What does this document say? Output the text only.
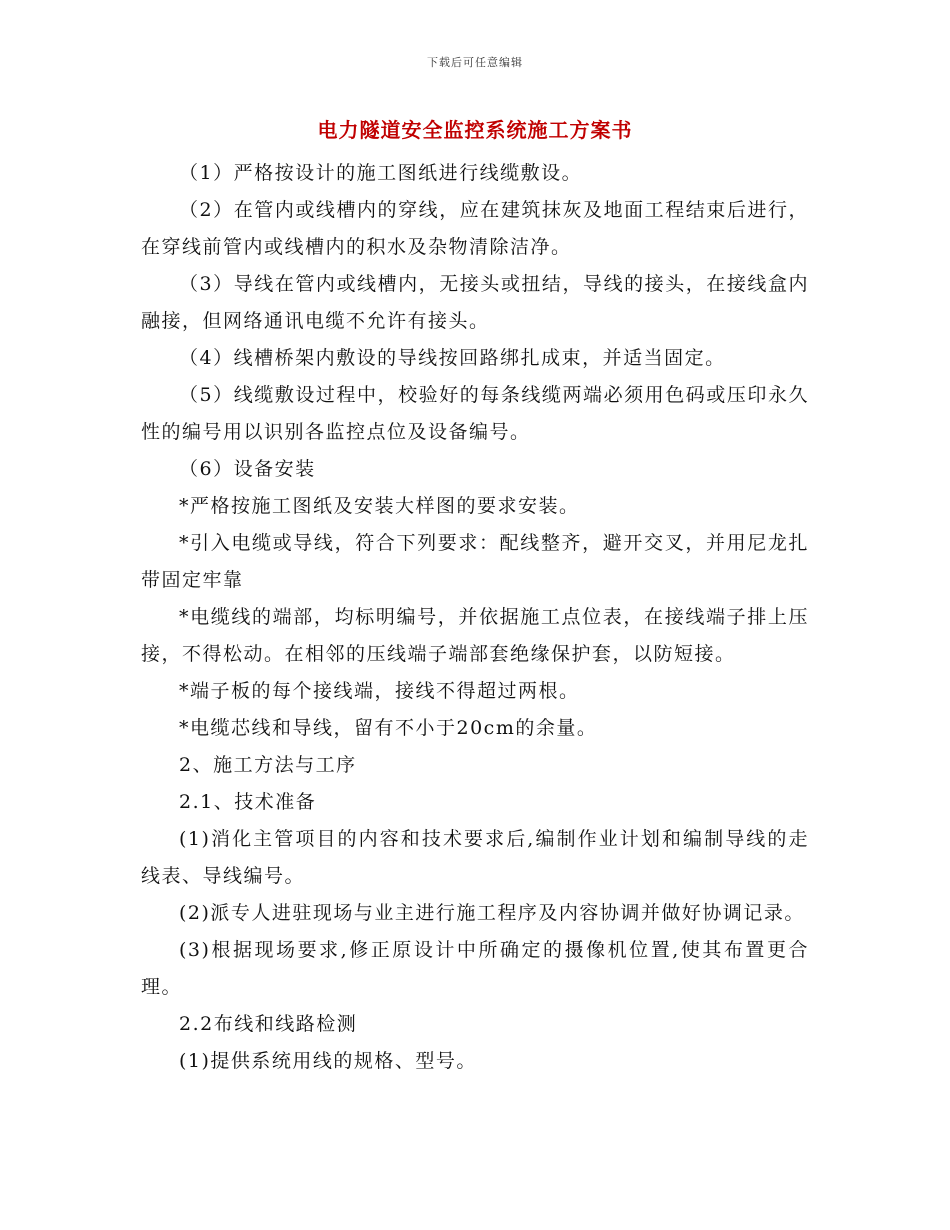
下载后可任意编辑
电力隧道安全监控系统施工方案书

（1）严格按设计的施工图纸进行线缆敷设。

（2）在管内或线槽内的穿线，应在建筑抹灰及地面工程结束后进行，在穿线前管内或线槽内的积水及杂物清除洁净。

（3）导线在管内或线槽内，无接头或扭结，导线的接头，在接线盒内融接，但网络通讯电缆不允许有接头。

（4）线槽桥架内敷设的导线按回路绑扎成束，并适当固定。

（5）线缆敷设过程中，校验好的每条线缆两端必须用色码或压印永久性的编号用以识别各监控点位及设备编号。

（6）设备安装

*严格按施工图纸及安装大样图的要求安装。

*引入电缆或导线，符合下列要求：配线整齐，避开交叉，并用尼龙扎带固定牢靠

*电缆线的端部，均标明编号，并依据施工点位表，在接线端子排上压接，不得松动。在相邻的压线端子端部套绝缘保护套，以防短接。

*端子板的每个接线端，接线不得超过两根。

*电缆芯线和导线，留有不小于20cm的余量。

2、施工方法与工序

2.1、技术准备

(1)消化主管项目的内容和技术要求后,编制作业计划和编制导线的走线表、导线编号。

(2)派专人进驻现场与业主进行施工程序及内容协调并做好协调记录。

(3)根据现场要求,修正原设计中所确定的摄像机位置,使其布置更合理。

2.2布线和线路检测

(1)提供系统用线的规格、型号。
